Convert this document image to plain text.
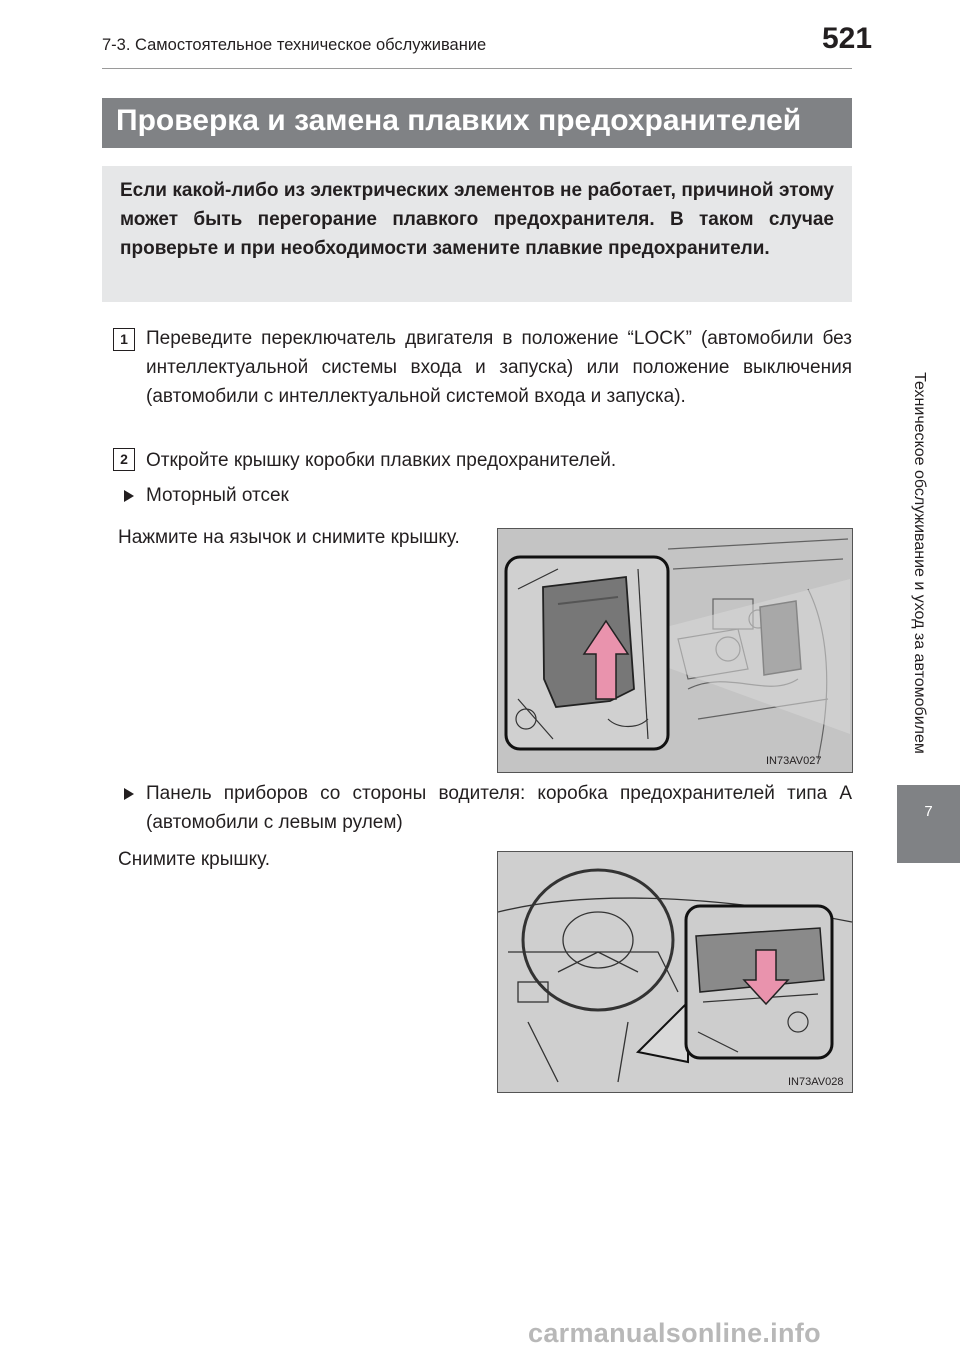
7-3. Самостоятельное техническое обслуживание	521
Проверка и замена плавких предохранителей
Если какой-либо из электрических элементов не работает, причиной этому может быть перегорание плавкого предохранителя. В таком случае проверьте и при необходимости замените плавкие предохранители.
1 Переведите переключатель двигателя в положение “LOCK” (автомобили без интеллектуальной системы входа и запуска) или положение выключения (автомобили с интеллектуальной системой входа и запуска).
2 Откройте крышку коробки плавких предохранителей.
Моторный отсек
Нажмите на язычок и снимите крышку.
IN73AV027
Панель приборов со стороны водителя: коробка предохранителей типа A (автомобили с левым рулем)
Снимите крышку.
IN73AV028
Техническое обслуживание и уход за автомобилем
7
carmanualsonline.info
